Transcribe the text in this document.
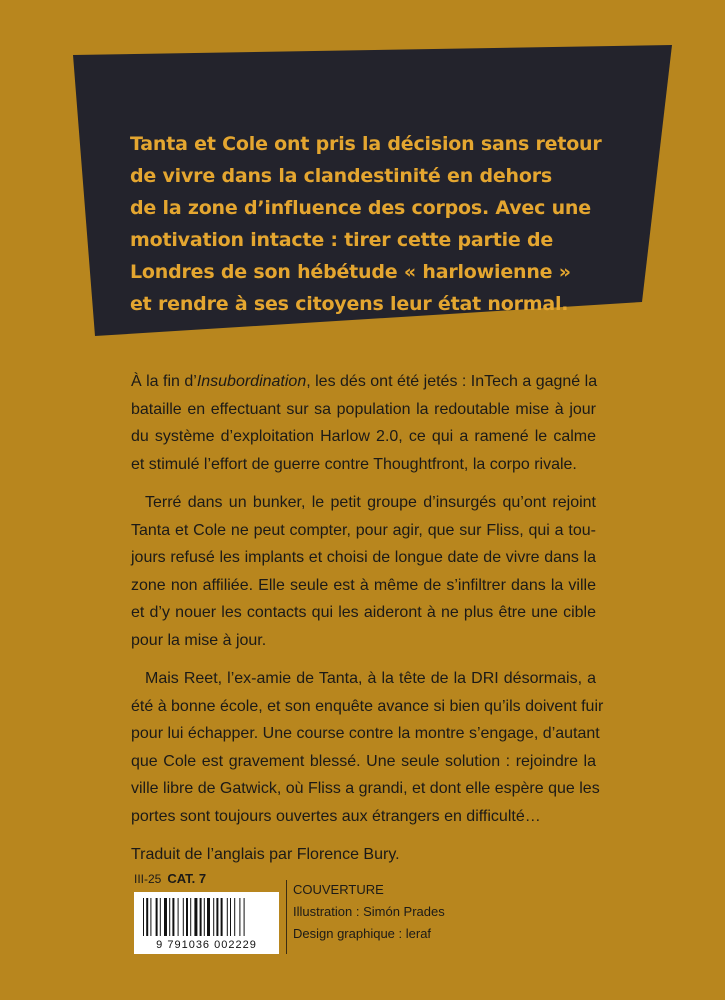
Tanta et Cole ont pris la décision sans retour
de vivre dans la clandestinité en dehors
de la zone d’influence des corpos. Avec une
motivation intacte : tirer cette partie de
Londres de son hébétude « harlowienne »
et rendre à ses citoyens leur état normal.

À la fin d’Insubordination, les dés ont été jetés : InTech a gagné la
bataille en effectuant sur sa population la redoutable mise à jour
du système d’exploitation Harlow 2.0, ce qui a ramené le calme
et stimulé l’effort de guerre contre Thoughtfront, la corpo rivale.

Terré dans un bunker, le petit groupe d’insurgés qu’ont rejoint
Tanta et Cole ne peut compter, pour agir, que sur Fliss, qui a tou-
jours refusé les implants et choisi de longue date de vivre dans la
zone non affiliée. Elle seule est à même de s’infiltrer dans la ville
et d’y nouer les contacts qui les aideront à ne plus être une cible
pour la mise à jour.

Mais Reet, l’ex-amie de Tanta, à la tête de la DRI désormais, a
été à bonne école, et son enquête avance si bien qu’ils doivent fuir
pour lui échapper. Une course contre la montre s’engage, d’autant
que Cole est gravement blessé. Une seule solution : rejoindre la
ville libre de Gatwick, où Fliss a grandi, et dont elle espère que les
portes sont toujours ouvertes aux étrangers en difficulté…

Traduit de l’anglais par Florence Bury.

III-25 CAT. 7
9 791036 002229
COUVERTURE
Illustration : Simón Prades
Design graphique : leraf
